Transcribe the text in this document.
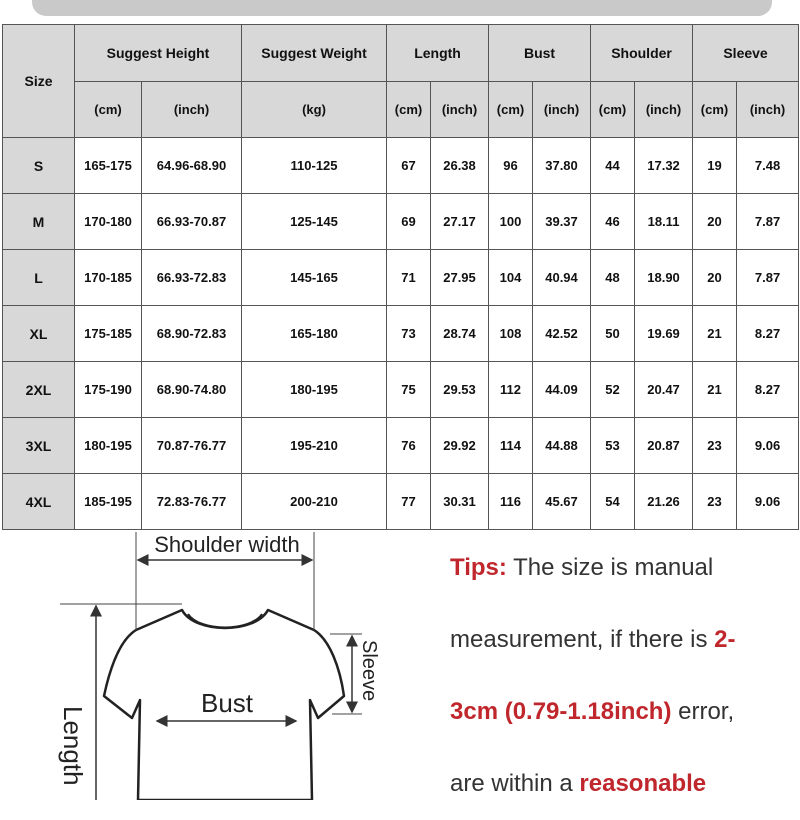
Size	Suggest Height		Suggest Weight	Length		Bust		Shoulder		Sleeve	
	(cm)	(inch)	(kg)	(cm)	(inch)	(cm)	(inch)	(cm)	(inch)	(cm)	(inch)
S	165-175	64.96-68.90	110-125	67	26.38	96	37.80	44	17.32	19	7.48
M	170-180	66.93-70.87	125-145	69	27.17	100	39.37	46	18.11	20	7.87
L	170-185	66.93-72.83	145-165	71	27.95	104	40.94	48	18.90	20	7.87
XL	175-185	68.90-72.83	165-180	73	28.74	108	42.52	50	19.69	21	8.27
2XL	175-190	68.90-74.80	180-195	75	29.53	112	44.09	52	20.47	21	8.27
3XL	180-195	70.87-76.77	195-210	76	29.92	114	44.88	53	20.87	23	9.06
4XL	185-195	72.83-76.77	200-210	77	30.31	116	45.67	54	21.26	23	9.06
Shoulder width
Bust
Sleeve
Length
Tips: The size is manual
measurement, if there is 2-
3cm (0.79-1.18inch) error,
are within a reasonable
